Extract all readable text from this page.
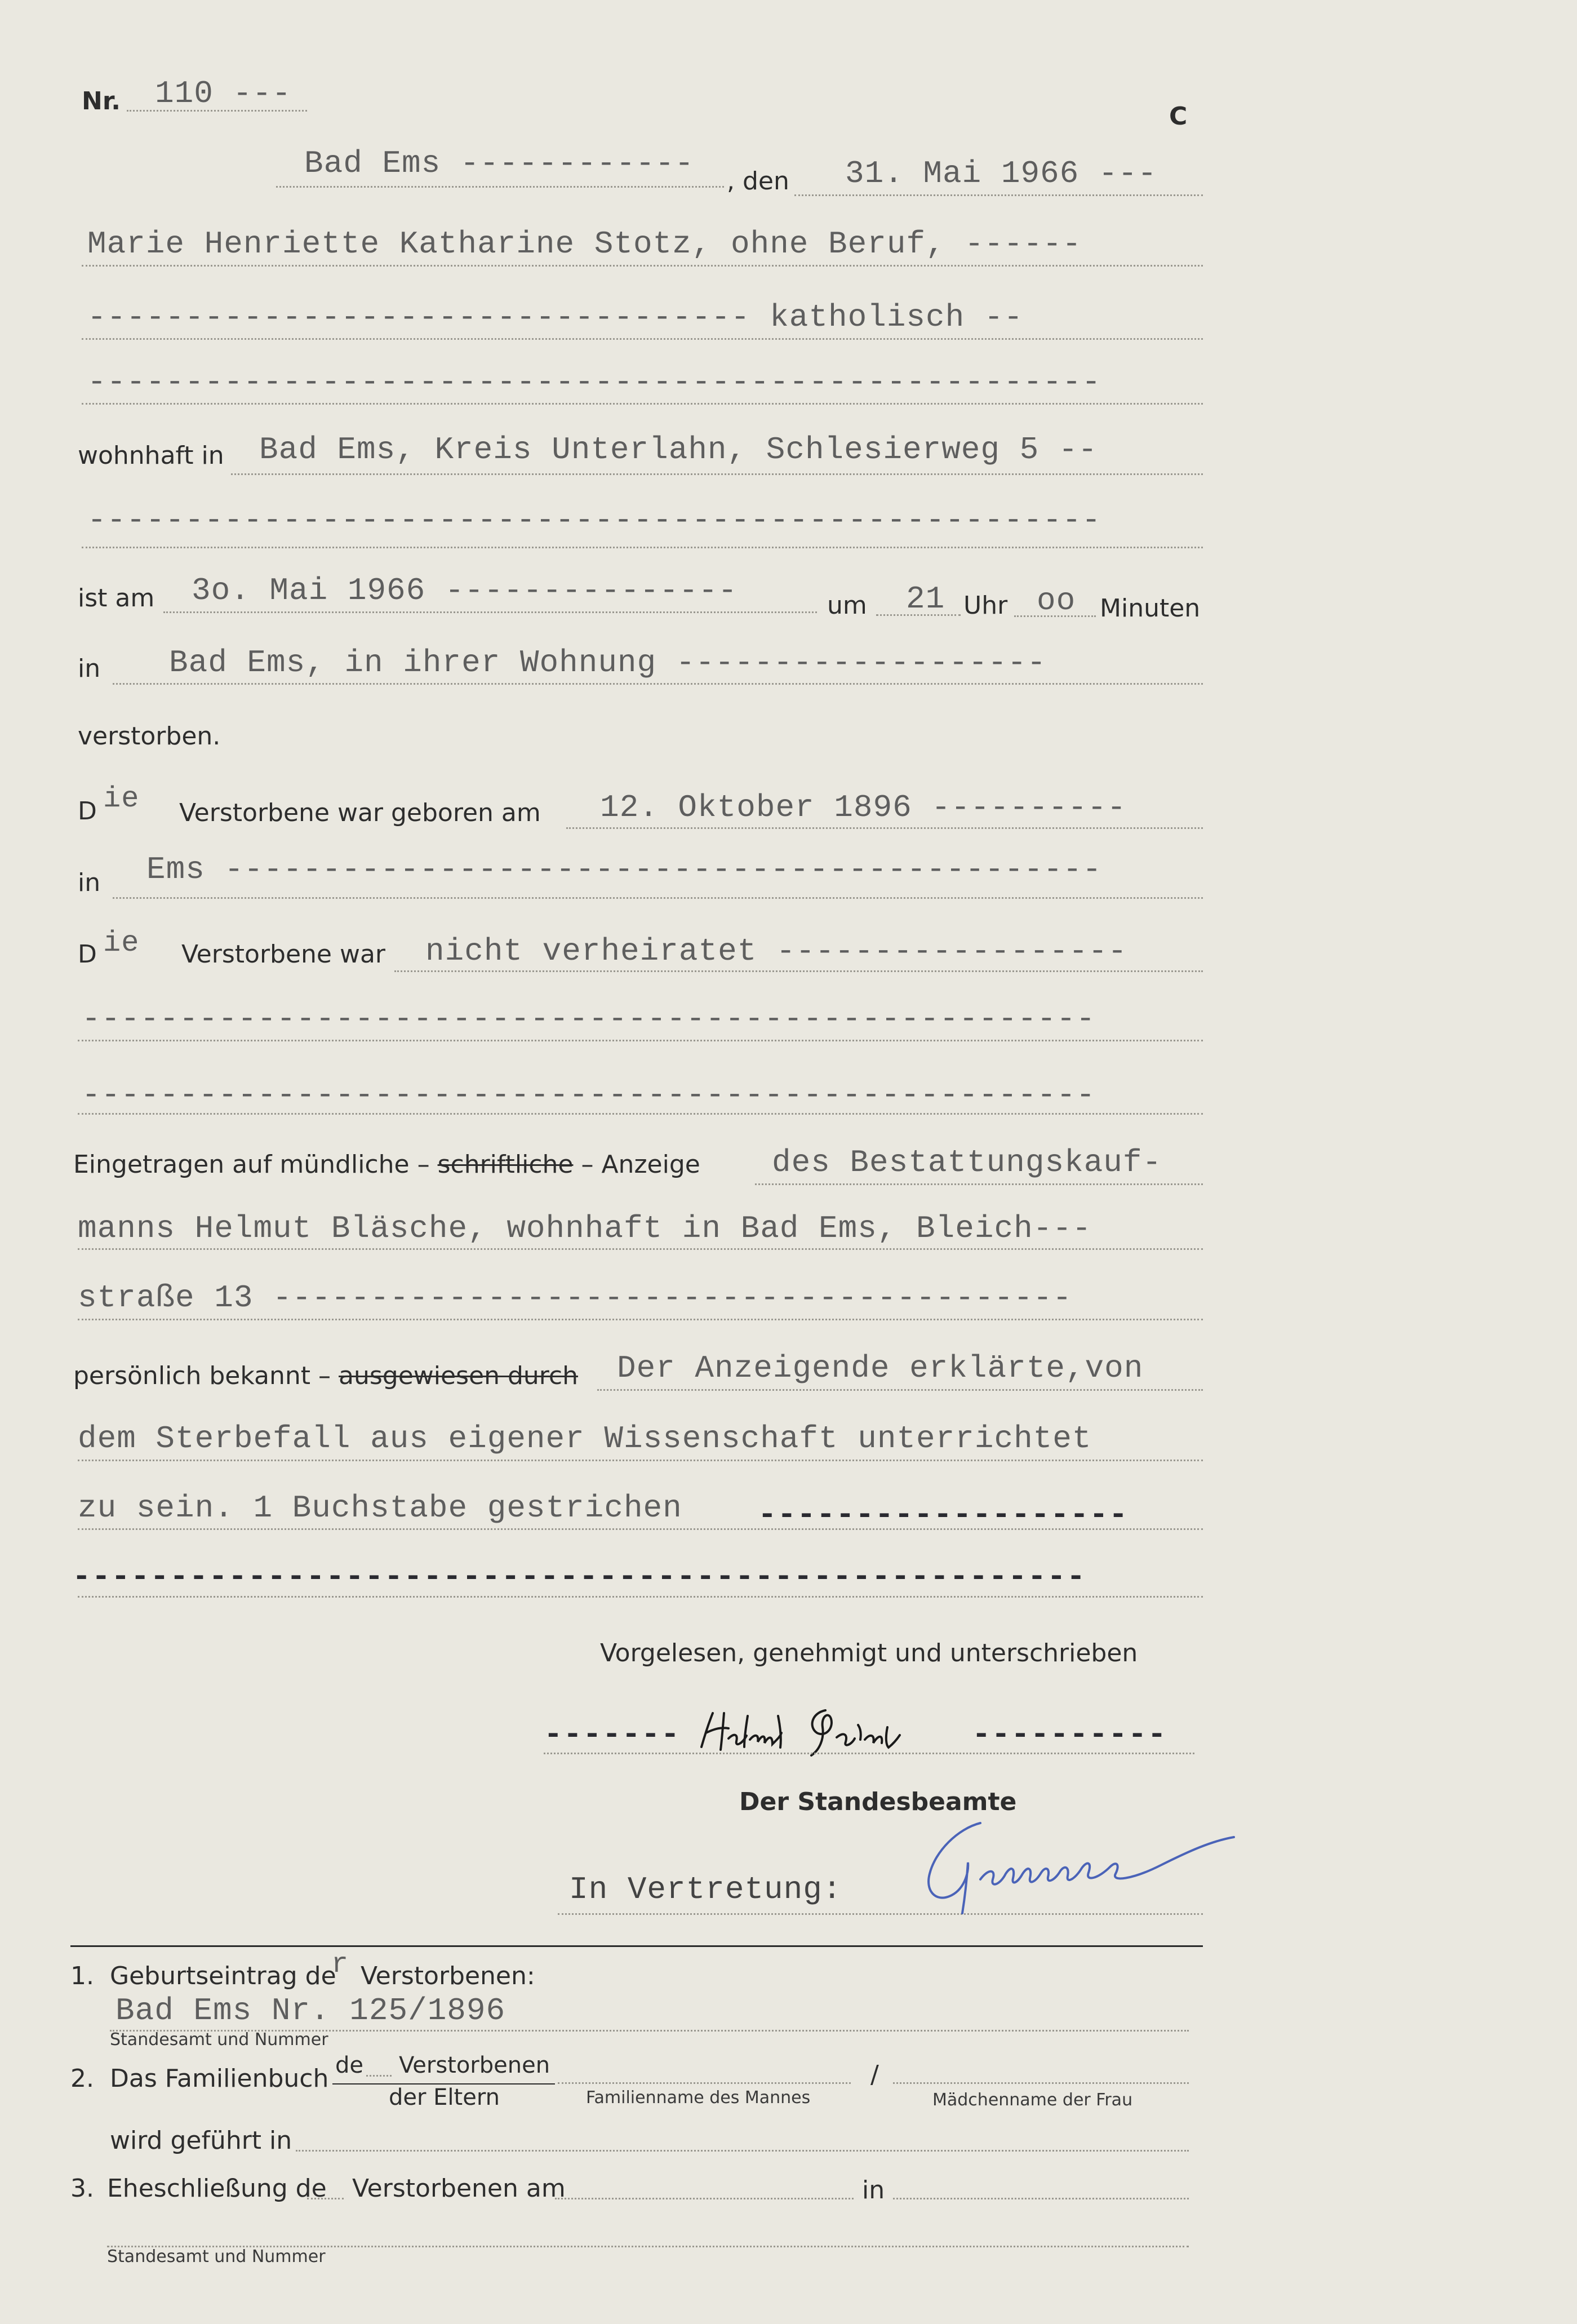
Nr. 110 ---
C
Bad Ems ------------ , den 31. Mai 1966 ---
Marie Henriette Katharine Stotz, ohne Beruf, ------
---------------------------------- katholisch --
----------------------------------------------------
wohnhaft in Bad Ems, Kreis Unterlahn, Schlesierweg 5 --
----------------------------------------------------
ist am 3o. Mai 1966 ---------------	um 21 Uhr oo Minuten
in Bad Ems, in ihrer Wohnung -------------------
verstorben.
D ie Verstorbene war geboren am 12. Oktober 1896 ----------
in Ems ---------------------------------------------
D ie Verstorbene war nicht verheiratet ------------------
----------------------------------------------------
----------------------------------------------------
Eingetragen auf mündliche – schriftliche – Anzeige des Bestattungskauf-
manns Helmut Bläsche, wohnhaft in Bad Ems, Bleich---
straße 13 -----------------------------------------
persönlich bekannt – ausgewiesen durch Der Anzeigende erklärte,von
dem Sterbefall aus eigener Wissenschaft unterrichtet
zu sein. 1 Buchstabe gestrichen -------------------
----------------------------------------------------
Vorgelesen, genehmigt und unterschrieben
-------	----------
Der Standesbeamte
In Vertretung:
1. Geburtseintrag de
r Verstorbenen:
Bad Ems Nr. 125/1896
Standesamt und Nummer
2. Das Familienbuch de Verstorbenen
der Eltern	Familienname des Mannes
/
Mädchenname der Frau
wird geführt in
3. Eheschließung de Verstorbenen am	in
Standesamt und Nummer
